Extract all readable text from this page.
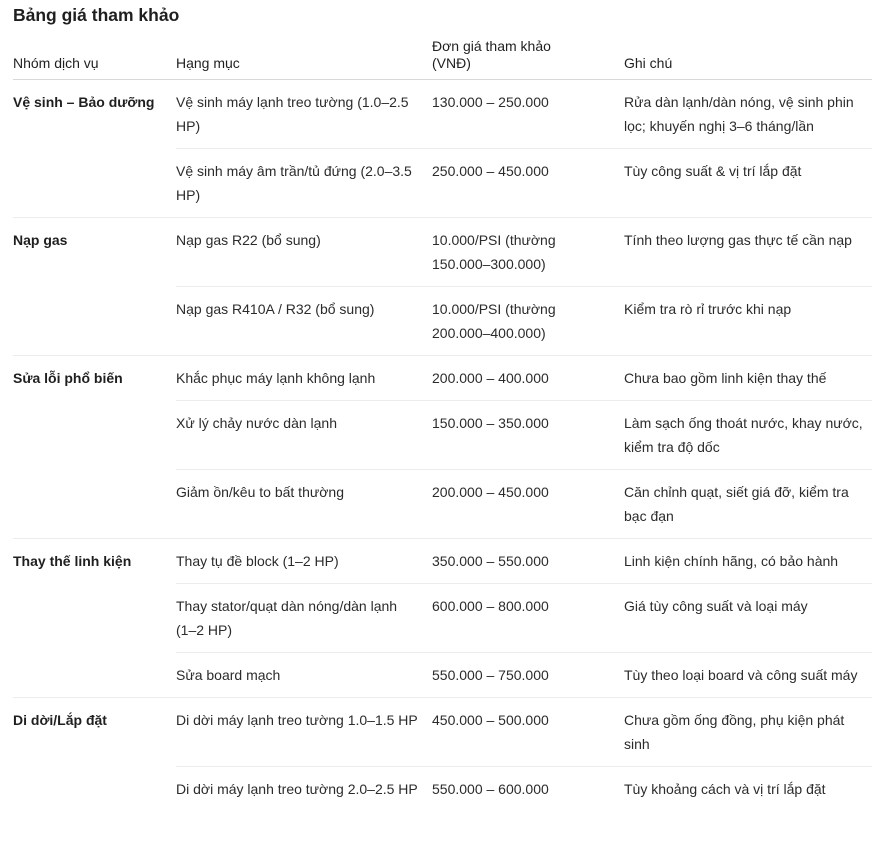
Bảng giá tham khảo
Nhóm dịch vụ	Hạng mục	Đơn giá tham khảo (VNĐ)	Ghi chú
Vệ sinh – Bảo dưỡng	Vệ sinh máy lạnh treo tường (1.0–2.5 HP)	130.000 – 250.000	Rửa dàn lạnh/dàn nóng, vệ sinh phin lọc; khuyến nghị 3–6 tháng/lần
	Vệ sinh máy âm trần/tủ đứng (2.0–3.5 HP)	250.000 – 450.000	Tùy công suất & vị trí lắp đặt
Nạp gas	Nạp gas R22 (bổ sung)	10.000/PSI (thường 150.000–300.000)	Tính theo lượng gas thực tế cần nạp
	Nạp gas R410A / R32 (bổ sung)	10.000/PSI (thường 200.000–400.000)	Kiểm tra rò rỉ trước khi nạp
Sửa lỗi phổ biến	Khắc phục máy lạnh không lạnh	200.000 – 400.000	Chưa bao gồm linh kiện thay thế
	Xử lý chảy nước dàn lạnh	150.000 – 350.000	Làm sạch ống thoát nước, khay nước, kiểm tra độ dốc
	Giảm ồn/kêu to bất thường	200.000 – 450.000	Căn chỉnh quạt, siết giá đỡ, kiểm tra bạc đạn
Thay thế linh kiện	Thay tụ đề block (1–2 HP)	350.000 – 550.000	Linh kiện chính hãng, có bảo hành
	Thay stator/quạt dàn nóng/dàn lạnh (1–2 HP)	600.000 – 800.000	Giá tùy công suất và loại máy
	Sửa board mạch	550.000 – 750.000	Tùy theo loại board và công suất máy
Di dời/Lắp đặt	Di dời máy lạnh treo tường 1.0–1.5 HP	450.000 – 500.000	Chưa gồm ống đồng, phụ kiện phát sinh
	Di dời máy lạnh treo tường 2.0–2.5 HP	550.000 – 600.000	Tùy khoảng cách và vị trí lắp đặt
